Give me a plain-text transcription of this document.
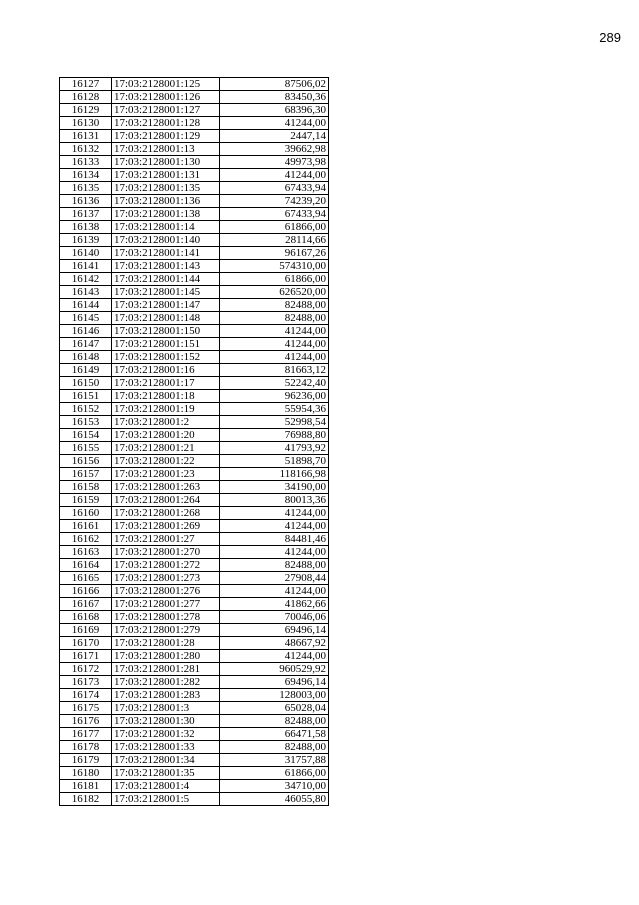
289
16127	17:03:2128001:125	87506,02
16128	17:03:2128001:126	83450,36
16129	17:03:2128001:127	68396,30
16130	17:03:2128001:128	41244,00
16131	17:03:2128001:129	2447,14
16132	17:03:2128001:13	39662,98
16133	17:03:2128001:130	49973,98
16134	17:03:2128001:131	41244,00
16135	17:03:2128001:135	67433,94
16136	17:03:2128001:136	74239,20
16137	17:03:2128001:138	67433,94
16138	17:03:2128001:14	61866,00
16139	17:03:2128001:140	28114,66
16140	17:03:2128001:141	96167,26
16141	17:03:2128001:143	574310,00
16142	17:03:2128001:144	61866,00
16143	17:03:2128001:145	626520,00
16144	17:03:2128001:147	82488,00
16145	17:03:2128001:148	82488,00
16146	17:03:2128001:150	41244,00
16147	17:03:2128001:151	41244,00
16148	17:03:2128001:152	41244,00
16149	17:03:2128001:16	81663,12
16150	17:03:2128001:17	52242,40
16151	17:03:2128001:18	96236,00
16152	17:03:2128001:19	55954,36
16153	17:03:2128001:2	52998,54
16154	17:03:2128001:20	76988,80
16155	17:03:2128001:21	41793,92
16156	17:03:2128001:22	51898,70
16157	17:03:2128001:23	118166,98
16158	17:03:2128001:263	34190,00
16159	17:03:2128001:264	80013,36
16160	17:03:2128001:268	41244,00
16161	17:03:2128001:269	41244,00
16162	17:03:2128001:27	84481,46
16163	17:03:2128001:270	41244,00
16164	17:03:2128001:272	82488,00
16165	17:03:2128001:273	27908,44
16166	17:03:2128001:276	41244,00
16167	17:03:2128001:277	41862,66
16168	17:03:2128001:278	70046,06
16169	17:03:2128001:279	69496,14
16170	17:03:2128001:28	48667,92
16171	17:03:2128001:280	41244,00
16172	17:03:2128001:281	960529,92
16173	17:03:2128001:282	69496,14
16174	17:03:2128001:283	128003,00
16175	17:03:2128001:3	65028,04
16176	17:03:2128001:30	82488,00
16177	17:03:2128001:32	66471,58
16178	17:03:2128001:33	82488,00
16179	17:03:2128001:34	31757,88
16180	17:03:2128001:35	61866,00
16181	17:03:2128001:4	34710,00
16182	17:03:2128001:5	46055,80
